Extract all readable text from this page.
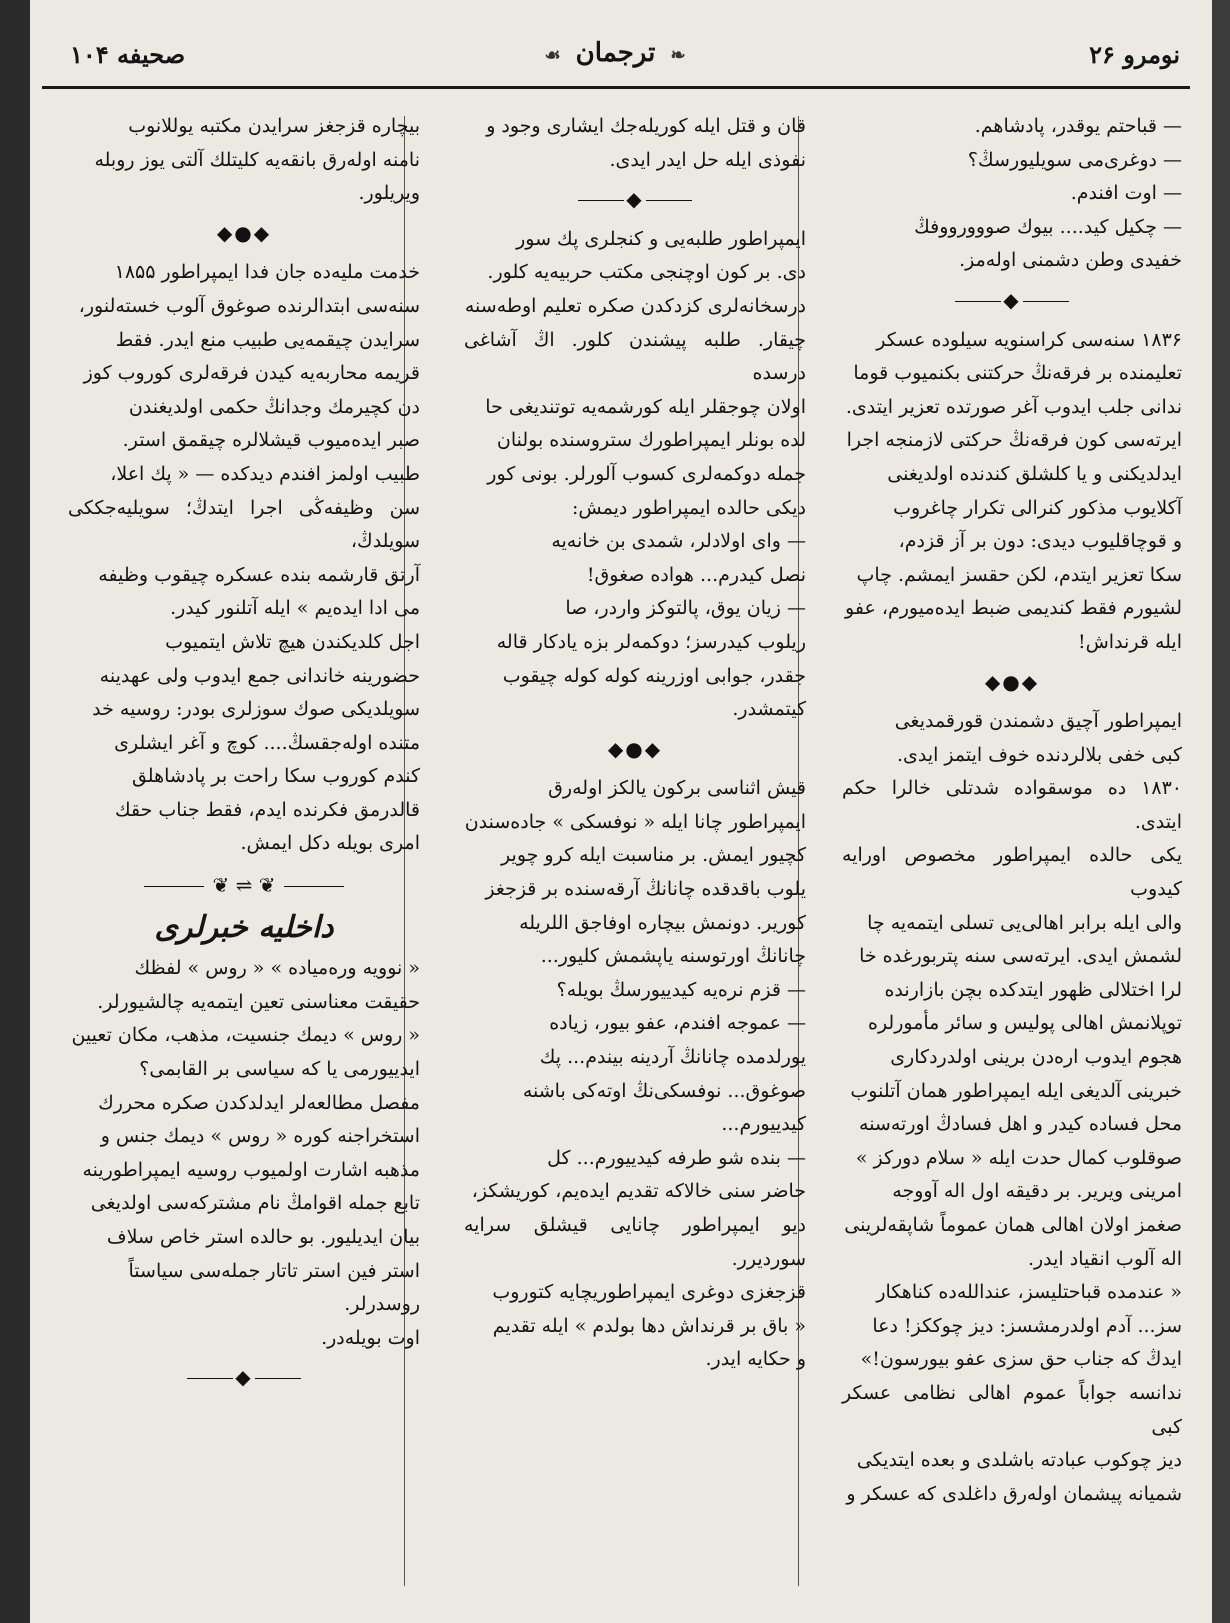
نومرو ۲۶
❧ ترجمان ☙
صحیفه ۱۰۴

— قباحتم یوقدر، پادشاهم.

— دوغری‌می سویلیورسڭ؟

— اوت افندم.

— چکیل کید.... بیوك صووورووفڭ

خفیدی وطن دشمنی اولەمز.

◆

۱۸۳۶ سنه‌سی کراسنویه سیلوده عسکر

تعلیمنده بر فرقه‌نڭ حرکتنی بکنمیوب قوما

ندانی جلب ایدوب آغر صورتده تعزیر ایتدی.

ایرته‌سی کون فرقه‌نڭ حرکتی لازمنجه اجرا

ایدلدیکنی و یا کلشلق کندنده اولدیغنی

آکلایوب مذکور کنرالی تکرار چاغروب

و قوچاقلیوب دیدی: دون بر آز قزدم،

سکا تعزیر ایتدم، لکن حقسز ایمشم. چاپ

لشیورم فقط کندیمی ضبط ایده‌میورم، عفو

ایله قرنداش!

◆●◆

ایمپراطور آچیق دشمندن قورقمدیغی

کبی خفی بلالردنده خوف ایتمز ایدی.

۱۸۳۰ ده موسقواده شدتلی خالرا حکم ایتدی.

یکی حالده ایمپراطور مخصوص اورایه کیدوب

والی ایله برابر اهالی‌یی تسلی ایتمه‌یه چا

لشمش ایدی. ایرته‌سی سنه پتربورغده خا

لرا اختلالی ظهور ایتدکده بچن بازارنده

توپلانمش اهالی پولیس و سائر مأمورلره

هجوم ایدوب اره‌دن برینی اولدردکاری

خبرینی آلدیغی ایله ایمپراطور همان آتلنوب

محل فساده کیدر و اهل فسادڭ اورته‌سنه

صوقلوب کمال حدت ایله « سلام دورکز »

امرینی ویریر. بر دقیقه اول اله آووجه

صغمز اولان اهالی همان عموماً شاپقه‌لرینی

اله آلوب انقیاد ایدر.

« عندمده قباحتلیسز، عنداللەده کناهکار

سز... آدم اولدرمشسز: دیز چوککز! دعا

ایدڭ که جناب حق سزی عفو بیورسون!»

ندانسه جواباً عموم اهالی نظامی عسکر کبی

دیز چوکوب عبادته باشلدی و بعده ایتدیکی

شمیانه پیشمان اوله‌رق داغلدی که عسکر و

قان و قتل ایله کوریله‌جك ایشاری وجود و

نفوذی ایله حل ایدر ایدی.

◆

ایمپراطور طلبه‌یی و کنجلری پك سور

دی. بر کون اوچنجی مکتب حربیه‌یه کلور.

درسخانه‌لری کزدکدن صکره تعلیم اوطه‌سنه

چیقار. طلبه پیشندن کلور. اڭ آشاغی درسده

اولان چوجقلر ایله کورشمه‌یه توتندیغی حا

لده بونلر ایمپراطورك ستروسنده بولنان

جمله دوکمه‌لری کسوب آلورلر. بونی کور

دیکی حالده ایمپراطور دیمش:

— وای اولادلر، شمدی بن خانه‌یه

نصل کیدرم... هواده صغوق!

— زیان یوق، پالتوکز واردر، صا

ریلوب کیدرسز؛ دوکمه‌لر بزه یادکار قاله

جقدر، جوابی اوزرینه کوله کوله چیقوب

کیتمشدر.

◆●◆

قیش اثناسی برکون یالکز اوله‌رق

ایمپراطور چانا ایله « نوفسکی » جاده‌سندن

کچیور ایمش. بر مناسبت ایله کرو چویر

یلوب باقدقده چانانڭ آرقه‌سنده بر قزجغز

کوریر. دونمش بیچاره اوفاجق اللریله

چانانڭ اورتوسنه یاپشمش کلیور...

— قزم نره‌یه کیدییورسڭ بویله؟

— عموجه افندم، عفو بیور، زیاده

یورلدمده چانانڭ آردینه بیندم... پك

صوغوق... نوفسکی‌نڭ اوته‌کی باشنه

کیدییورم...

— بنده شو طرفه کیدییورم... کل

حاضر سنی خالاکه تقدیم ایده‌یم، کوریشکز،

دیو ایمپراطور چانایی قیشلق سرایه سوردیرر.

قزجغزی دوغری ایمپراطوریچایه کتوروب

« باق بر قرنداش دها بولدم » ایله تقدیم

و حکایه ایدر.

بیچاره قزجغز سرایدن مکتبه یوللانوب

نامنه اوله‌رق بانقه‌یه کلیتلك آلتی یوز روبله

ویریلور.

◆●◆

خدمت ملیه‌ده جان فدا ایمپراطور ۱۸۵۵

سنه‌سی ابتدالرنده صوغوق آلوب خسته‌لنور،

سرایدن چیقمه‌یی طبیب منع ایدر. فقط

قریمه محاربه‌یه کیدن فرقه‌لری کوروب کوز

دن کچیرمك وجدانڭ حکمی اولدیغندن

صبر ایده‌میوب قیشلالره چیقمق استر.

طبیب اولمز افندم دیدکده — « پك اعلا،

سن وظیفه‌ڭی اجرا ایتدڭ؛ سویلیه‌جککی سویلدڭ،

آرتق قارشمه بنده عسکره چیقوب وظیفه

می ادا ایده‌یم » ایله آتلنور کیدر.

اجل کلدیکندن هیچ تلاش ایتمیوب

حضورینه خاندانی جمع ایدوب ولی عهدینه

سویلدیکی صوك سوزلری بودر: روسیه خد

متنده اوله‌جقسڭ.... کوچ و آغر ایشلری

کندم کوروب سکا راحت بر پادشاهلق

قالدرمق فکرنده ایدم، فقط جناب حقك

امری بویله دکل ایمش.

❦ ⇌ ❦
داخلیه خبرلری

« نوویه ورەمیاده » « روس » لفظك

حقیقت معناسنی تعین ایتمه‌یه چالشیورلر.

« روس » دیمك جنسیت، مذهب، مکان تعیین

ایدییورمی یا که سیاسی بر القابمی؟

مفصل مطالعه‌لر ایدلدکدن صکره محررك

استخراجنه کوره « روس » دیمك جنس و

مذهبه اشارت اولمیوب روسیه ایمپراطورینه

تابع جمله اقوامڭ نام مشترکه‌سی اولدیغی

بیان ایدیلیور. بو حالده استر خاص سلاف

استر فین استر تاتار جمله‌سی سیاستاً

روسدرلر.

اوت بویله‌در.

◆
